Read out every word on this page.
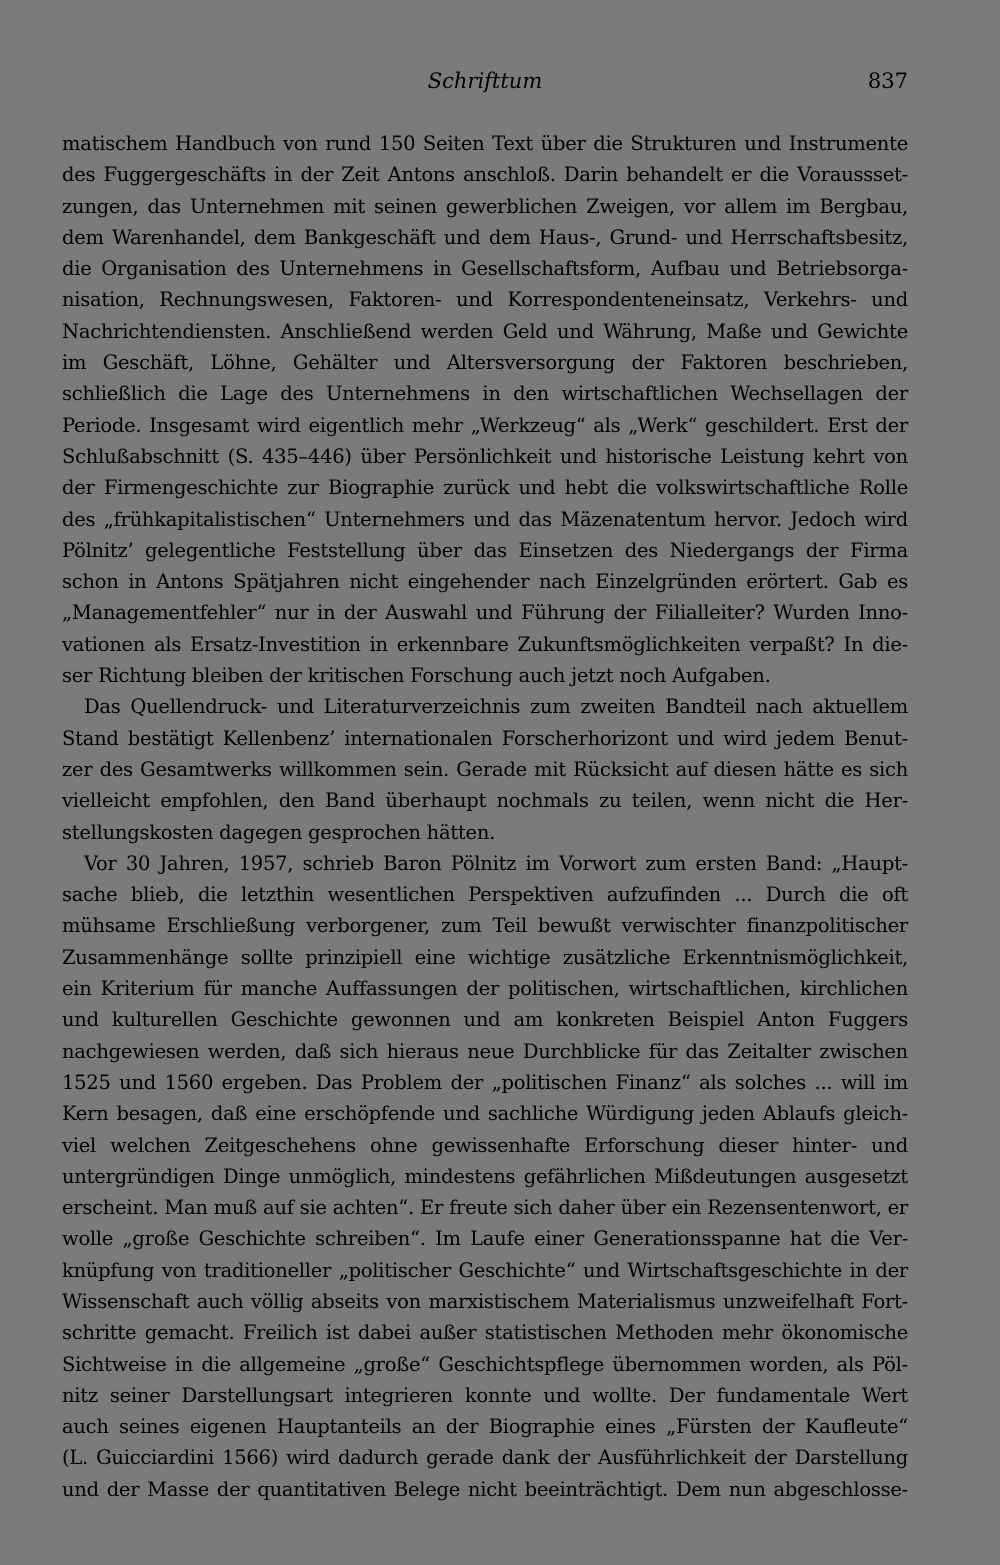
Schrifttum	837
matischem Handbuch von rund 150 Seiten Text über die Strukturen und Instrumente
des Fuggergeschäfts in der Zeit Antons anschloß. Darin behandelt er die Voraussset-
zungen, das Unternehmen mit seinen gewerblichen Zweigen, vor allem im Bergbau,
dem Warenhandel, dem Bankgeschäft und dem Haus-, Grund- und Herrschaftsbesitz,
die Organisation des Unternehmens in Gesellschaftsform, Aufbau und Betriebsorga-
nisation, Rechnungswesen, Faktoren- und Korrespondenteneinsatz, Verkehrs- und
Nachrichtendiensten. Anschließend werden Geld und Währung, Maße und Gewichte
im Geschäft, Löhne, Gehälter und Altersversorgung der Faktoren beschrieben,
schließlich die Lage des Unternehmens in den wirtschaftlichen Wechsellagen der
Periode. Insgesamt wird eigentlich mehr „Werkzeug“ als „Werk“ geschildert. Erst der
Schlußabschnitt (S. 435–446) über Persönlichkeit und historische Leistung kehrt von
der Firmengeschichte zur Biographie zurück und hebt die volkswirtschaftliche Rolle
des „frühkapitalistischen“ Unternehmers und das Mäzenatentum hervor. Jedoch wird
Pölnitz’ gelegentliche Feststellung über das Einsetzen des Niedergangs der Firma
schon in Antons Spätjahren nicht eingehender nach Einzelgründen erörtert. Gab es
„Managementfehler“ nur in der Auswahl und Führung der Filialleiter? Wurden Inno-
vationen als Ersatz-Investition in erkennbare Zukunftsmöglichkeiten verpaßt? In die-
ser Richtung bleiben der kritischen Forschung auch jetzt noch Aufgaben.
Das Quellendruck- und Literaturverzeichnis zum zweiten Bandteil nach aktuellem
Stand bestätigt Kellenbenz’ internationalen Forscherhorizont und wird jedem Benut-
zer des Gesamtwerks willkommen sein. Gerade mit Rücksicht auf diesen hätte es sich
vielleicht empfohlen, den Band überhaupt nochmals zu teilen, wenn nicht die Her-
stellungskosten dagegen gesprochen hätten.
Vor 30 Jahren, 1957, schrieb Baron Pölnitz im Vorwort zum ersten Band: „Haupt-
sache blieb, die letzthin wesentlichen Perspektiven aufzufinden ... Durch die oft
mühsame Erschließung verborgener, zum Teil bewußt verwischter finanzpolitischer
Zusammenhänge sollte prinzipiell eine wichtige zusätzliche Erkenntnismöglichkeit,
ein Kriterium für manche Auffassungen der politischen, wirtschaftlichen, kirchlichen
und kulturellen Geschichte gewonnen und am konkreten Beispiel Anton Fuggers
nachgewiesen werden, daß sich hieraus neue Durchblicke für das Zeitalter zwischen
1525 und 1560 ergeben. Das Problem der „politischen Finanz“ als solches ... will im
Kern besagen, daß eine erschöpfende und sachliche Würdigung jeden Ablaufs gleich-
viel welchen Zeitgeschehens ohne gewissenhafte Erforschung dieser hinter- und
untergründigen Dinge unmöglich, mindestens gefährlichen Mißdeutungen ausgesetzt
erscheint. Man muß auf sie achten“. Er freute sich daher über ein Rezensentenwort, er
wolle „große Geschichte schreiben“. Im Laufe einer Generationsspanne hat die Ver-
knüpfung von traditioneller „politischer Geschichte“ und Wirtschaftsgeschichte in der
Wissenschaft auch völlig abseits von marxistischem Materialismus unzweifelhaft Fort-
schritte gemacht. Freilich ist dabei außer statistischen Methoden mehr ökonomische
Sichtweise in die allgemeine „große“ Geschichtspflege übernommen worden, als Pöl-
nitz seiner Darstellungsart integrieren konnte und wollte. Der fundamentale Wert
auch seines eigenen Hauptanteils an der Biographie eines „Fürsten der Kaufleute“
(L. Guicciardini 1566) wird dadurch gerade dank der Ausführlichkeit der Darstellung
und der Masse der quantitativen Belege nicht beeinträchtigt. Dem nun abgeschlosse-
